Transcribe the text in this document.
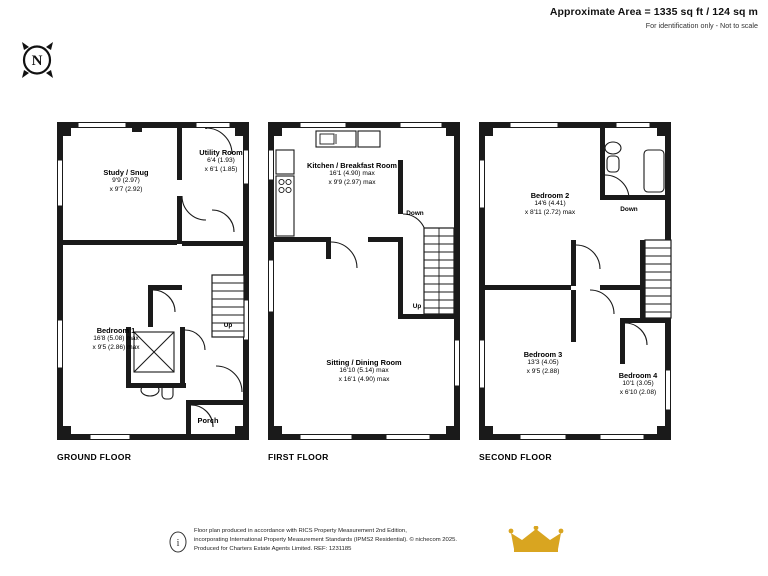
Approximate Area = 1335 sq ft / 124 sq m
For identification only - Not to scale
N
Study / Snug
9'9 (2.97)
x 9'7 (2.92)
Utility Room
6'4 (1.93)
x 6'1 (1.85)
Bedroom 1
16'8 (5.08) max
x 9'5 (2.86) max
Porch
Kitchen / Breakfast Room
16'1 (4.90) max
x 9'9 (2.97) max
Sitting / Dining Room
16'10 (5.14) max
x 16'1 (4.90) max
Bedroom 2
14'6 (4.41)
x 8'11 (2.72) max
Bedroom 3
13'3 (4.05)
x 9'5 (2.88)	Bedroom 4
10'1 (3.05)
x 6'10 (2.08)
Down
Up
Up
Down
GROUND FLOOR	FIRST FLOOR	SECOND FLOOR
i
Floor plan produced in accordance with RICS Property Measurement 2nd Edition,
incorporating International Property Measurement Standards (IPMS2 Residential). © nichecom 2025.
Produced for Charters Estate Agents Limited. REF: 1231185
